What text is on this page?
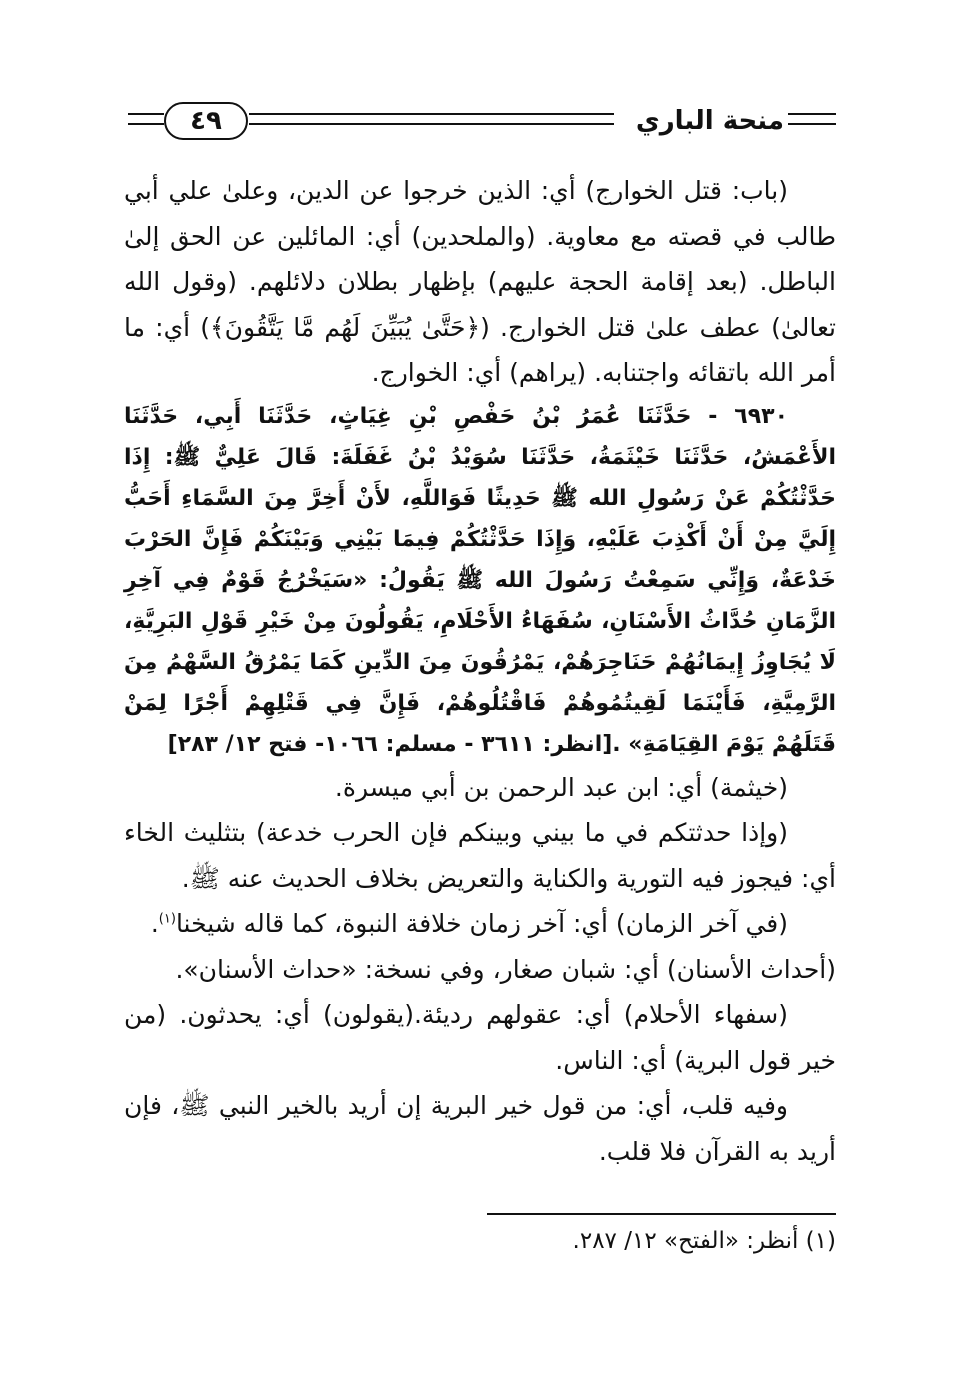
٤٩	منحة الباري

(باب: قتل الخوارج) أي: الذين خرجوا عن الدين، وعلىٰ علي أبي طالب في قصته مع معاوية. (والملحدين) أي: المائلين عن الحق إلىٰ الباطل. (بعد إقامة الحجة عليهم) بإظهار بطلان دلائلهم. (وقول الله تعالىٰ) عطف علىٰ قتل الخوارج. (﴿حَتَّىٰ يُبَيِّنَ لَهُم مَّا يَتَّقُونَ﴾) أي: ما أمر الله باتقائه واجتنابه. (يراهم) أي: الخوارج.

٦٩٣٠ - حَدَّثَنَا عُمَرُ بْنُ حَفْصِ بْنِ غِيَاثٍ، حَدَّثَنَا أَبِي، حَدَّثَنَا الأَعْمَشُ، حَدَّثَنَا خَيْثَمَةُ، حَدَّثَنَا سُوَيْدُ بْنُ غَفَلَةَ: قَالَ عَلِيٌّ ﷺ: إِذَا حَدَّثْتُكُمْ عَنْ رَسُولِ الله ﷺ حَدِيثًا فَوَاللَّهِ، لأَنْ أَخِرَّ مِنَ السَّمَاءِ أَحَبُّ إِلَيَّ مِنْ أَنْ أَكْذِبَ عَلَيْهِ، وَإِذَا حَدَّثْتُكُمْ فِيمَا بَيْنِي وَبَيْنَكُمْ فَإِنَّ الحَرْبَ خَدْعَةٌ، وَإِنِّي سَمِعْتُ رَسُولَ الله ﷺ يَقُولُ: «سَيَخْرُجُ قَوْمٌ فِي آخِرِ الزَّمَانِ حُدَّاثُ الأَسْنَانِ، سُفَهَاءُ الأَحْلَامِ، يَقُولُونَ مِنْ خَيْرِ قَوْلِ البَرِيَّةِ، لَا يُجَاوِزُ إِيمَانُهُمْ حَنَاجِرَهُمْ، يَمْرُقُونَ مِنَ الدِّينِ كَمَا يَمْرُقُ السَّهْمُ مِنَ الرَّمِيَّةِ، فَأَيْنَمَا لَقِيتُمُوهُمْ فَاقْتُلُوهُمْ، فَإِنَّ فِي قَتْلِهِمْ أَجْرًا لِمَنْ قَتَلَهُمْ يَوْمَ القِيَامَةِ» .[انظر: ٣٦١١ - مسلم: ١٠٦٦- فتح ١٢/ ٢٨٣]

(خيثمة) أي: ابن عبد الرحمن بن أبي ميسرة.

(وإذا حدثتكم في ما بيني وبينكم فإن الحرب خدعة) بتثليث الخاء أي: فيجوز فيه التورية والكناية والتعريض بخلاف الحديث عنه ﷺ.

(في آخر الزمان) أي: آخر زمان خلافة النبوة، كما قاله شيخنا$^{(١)}$.

(أحداث الأسنان) أي: شبان صغار، وفي نسخة: «حداث الأسنان».

(سفهاء الأحلام) أي: عقولهم رديئة.(يقولون) أي: يحدثون. (من خير قول البرية) أي: الناس.

وفيه قلب، أي: من قول خير البرية إن أريد بالخير النبي ﷺ، فإن أريد به القرآن فلا قلب.

(١) أنظر: «الفتح» ١٢/ ٢٨٧.
